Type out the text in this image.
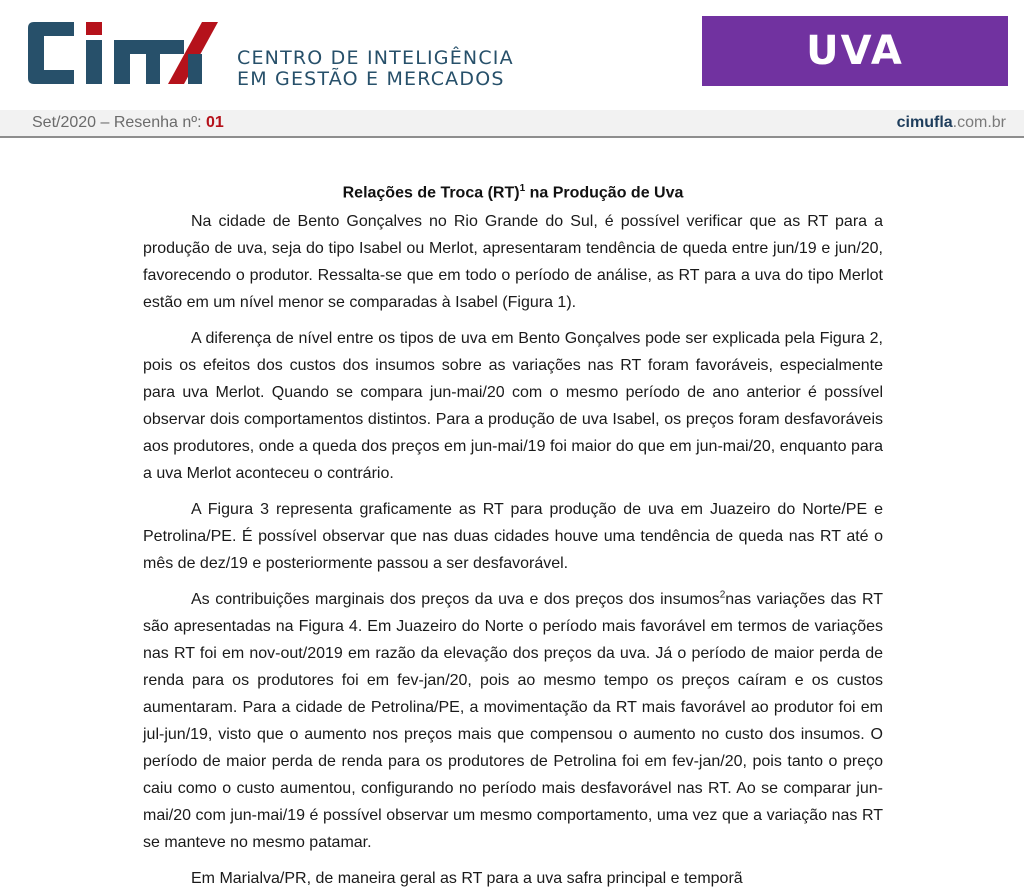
CENTRO DE INTELIGÊNCIA
EM GESTÃO E MERCADOS
UVA
Set/2020 – Resenha nº: 01	cimufla.com.br
Relações de Troca (RT)$^1$ na Produção de Uva

Na cidade de Bento Gonçalves no Rio Grande do Sul, é possível verificar que as RT para a produção de uva, seja do tipo Isabel ou Merlot, apresentaram tendência de queda entre jun/19 e jun/20, favorecendo o produtor. Ressalta-se que em todo o período de análise, as RT para a uva do tipo Merlot estão em um nível menor se comparadas à Isabel (Figura 1).

A diferença de nível entre os tipos de uva em Bento Gonçalves pode ser explicada pela Figura 2, pois os efeitos dos custos dos insumos sobre as variações nas RT foram favoráveis, especialmente para uva Merlot. Quando se compara jun-mai/20 com o mesmo período de ano anterior é possível observar dois comportamentos distintos. Para a produção de uva Isabel, os preços foram desfavoráveis aos produtores, onde a queda dos preços em jun-mai/19 foi maior do que em jun-mai/20, enquanto para a uva Merlot aconteceu o contrário.

A Figura 3 representa graficamente as RT para produção de uva em Juazeiro do Norte/PE e Petrolina/PE. É possível observar que nas duas cidades houve uma tendência de queda nas RT até o mês de dez/19 e posteriormente passou a ser desfavorável.

As contribuições marginais dos preços da uva e dos preços dos insumos$^2$nas variações das RT são apresentadas na Figura 4. Em Juazeiro do Norte o período mais favorável em termos de variações nas RT foi em nov-out/2019 em razão da elevação dos preços da uva. Já o período de maior perda de renda para os produtores foi em fev-jan/20, pois ao mesmo tempo os preços caíram e os custos aumentaram. Para a cidade de Petrolina/PE, a movimentação da RT mais favorável ao produtor foi em jul-jun/19, visto que o aumento nos preços mais que compensou o aumento no custo dos insumos. O período de maior perda de renda para os produtores de Petrolina foi em fev-jan/20, pois tanto o preço caiu como o custo aumentou, configurando no período mais desfavorável nas RT. Ao se comparar jun-mai/20 com jun-mai/19 é possível observar um mesmo comportamento, uma vez que a variação nas RT se manteve no mesmo patamar.

Em Marialva/PR, de maneira geral as RT para a uva safra principal e temporã
